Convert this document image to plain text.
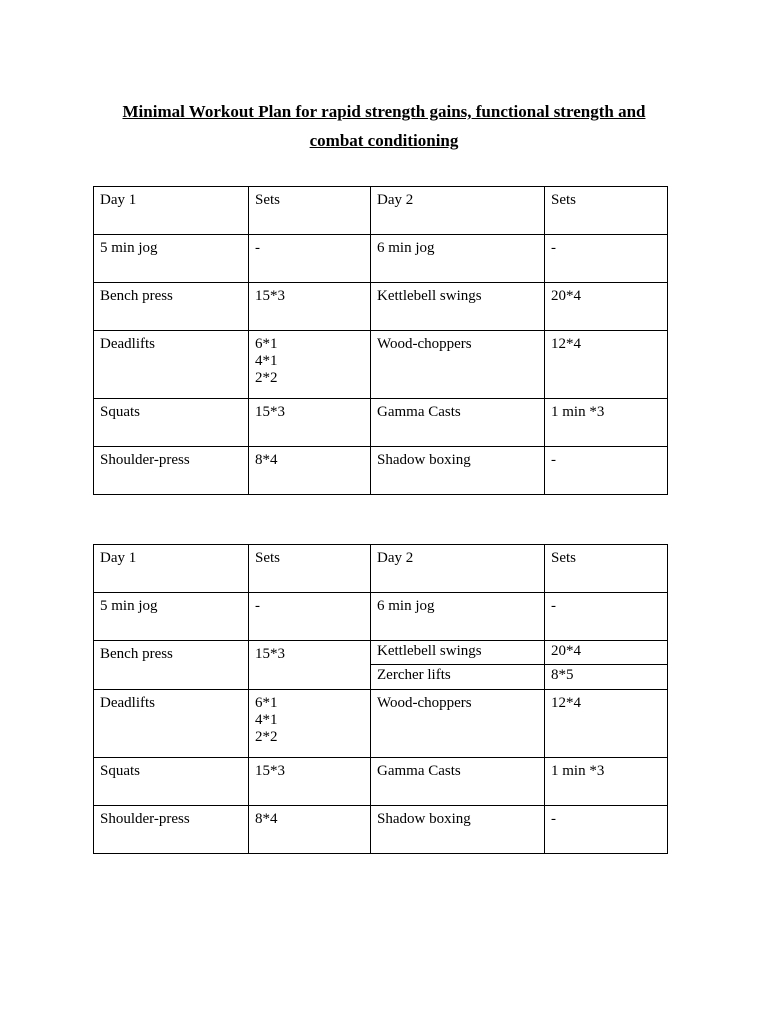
Minimal Workout Plan for rapid strength gains, functional strength and
combat conditioning
Day 1	Sets	Day 2	Sets
5 min jog	-	6 min jog	-
Bench press	15*3	Kettlebell swings	20*4
Deadlifts	6*1
4*1
2*2	Wood-choppers	12*4
Squats	15*3	Gamma Casts	1 min *3
Shoulder-press	8*4	Shadow boxing	-
Day 1	Sets	Day 2	Sets
5 min jog	-	6 min jog	-
Bench press	15*3	Kettlebell swings	20*4
		Zercher lifts	8*5
Deadlifts	6*1
4*1
2*2	Wood-choppers	12*4
Squats	15*3	Gamma Casts	1 min *3
Shoulder-press	8*4	Shadow boxing	-
